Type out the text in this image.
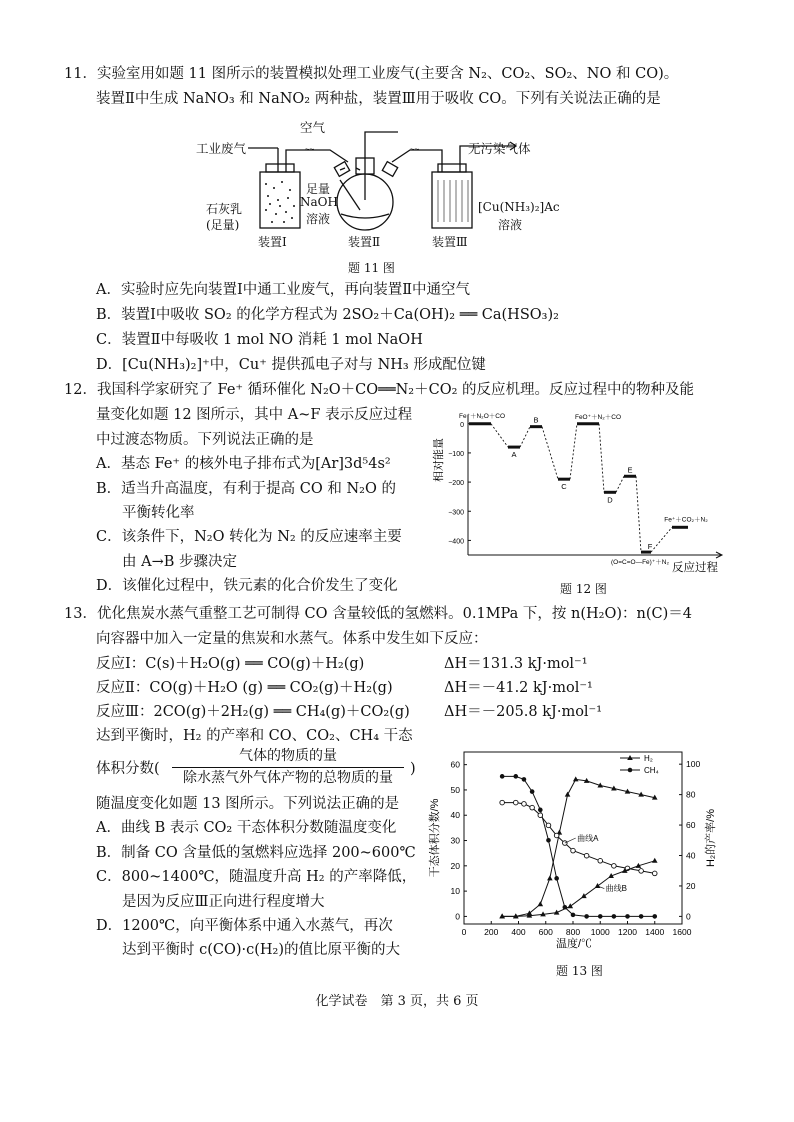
11．实验室用如题 11 图所示的装置模拟处理工业废气(主要含 N₂、CO₂、SO₂、NO 和 CO)。
装置Ⅱ中生成 NaNO₃ 和 NaNO₂ 两种盐，装置Ⅲ用于吸收 CO。下列有关说法正确的是
~~	~~
工业废气
空气
无污染气体
石灰乳
(足量)
足量
NaOH
溶液
[Cu(NH₃)₂]Ac
溶液
装置Ⅰ	装置Ⅱ	装置Ⅲ
题 11 图
A．实验时应先向装置Ⅰ中通工业废气，再向装置Ⅱ中通空气
B．装置Ⅰ中吸收 SO₂ 的化学方程式为 2SO₂＋Ca(OH)₂ ══ Ca(HSO₃)₂
C．装置Ⅱ中每吸收 1 mol NO 消耗 1 mol NaOH
D．[Cu(NH₃)₂]⁺中，Cu⁺ 提供孤电子对与 NH₃ 形成配位键
12．我国科学家研究了 Fe⁺ 循环催化 N₂O＋CO══N₂＋CO₂ 的反应机理。反应过程中的物种及能
量变化如题 12 图所示，其中 A~F 表示反应过程
中过渡态物质。下列说法正确的是
A．基态 Fe⁺ 的核外电子排布式为[Ar]3d⁵4s²
B．适当升高温度，有利于提高 CO 和 N₂O 的
平衡转化率
C．该条件下，N₂O 转化为 N₂ 的反应速率主要
由 A→B 步骤决定
D．该催化过程中，铁元素的化合价发生了变化
0
−100
−200
−300
−400
相对能量
反应过程
Fe⁺＋N₂O＋CO
A
B
C
FeO⁺＋N₂＋CO
D
E
(O=C=O—Fe)⁺＋N₂
F
Fe⁺＋CO₂＋N₂
题 12 图
13．优化焦炭水蒸气重整工艺可制得 CO 含量较低的氢燃料。0.1MPa 下，按 n(H₂O)：n(C)＝4
向容器中加入一定量的焦炭和水蒸气。体系中发生如下反应：
反应Ⅰ：C(s)＋H₂O(g) ══ CO(g)＋H₂(g)	ΔH＝131.3 kJ·mol⁻¹
反应Ⅱ：CO(g)＋H₂O (g) ══ CO₂(g)＋H₂(g)	ΔH＝－41.2 kJ·mol⁻¹
反应Ⅲ：2CO(g)＋2H₂(g) ══ CH₄(g)＋CO₂(g) ΔH＝－205.8 kJ·mol⁻¹
达到平衡时，H₂ 的产率和 CO、CO₂、CH₄ 干态
体积分数(
气体的物质的量
除水蒸气外气体产物的总物质的量
)
随温度变化如题 13 图所示。下列说法正确的是
A．曲线 B 表示 CO₂ 干态体积分数随温度变化
B．制备 CO 含量低的氢燃料应选择 200~600℃
C．800~1400℃，随温度升高 H₂ 的产率降低，
是因为反应Ⅲ正向进行程度增大
D．1200℃，向平衡体系中通入水蒸气，再次
达到平衡时 c(CO)·c(H₂)的值比原平衡的大
0 200 400 600 800 1000 1200 1400 1600
0
10
20
30
40
50
60
0
20
40
60
80
100
温度/℃
干态体积分数/%	H₂的产率/%
H₂
CH₄
曲线A
曲线B
题 13 图
化学试卷　第 3 页，共 6 页
